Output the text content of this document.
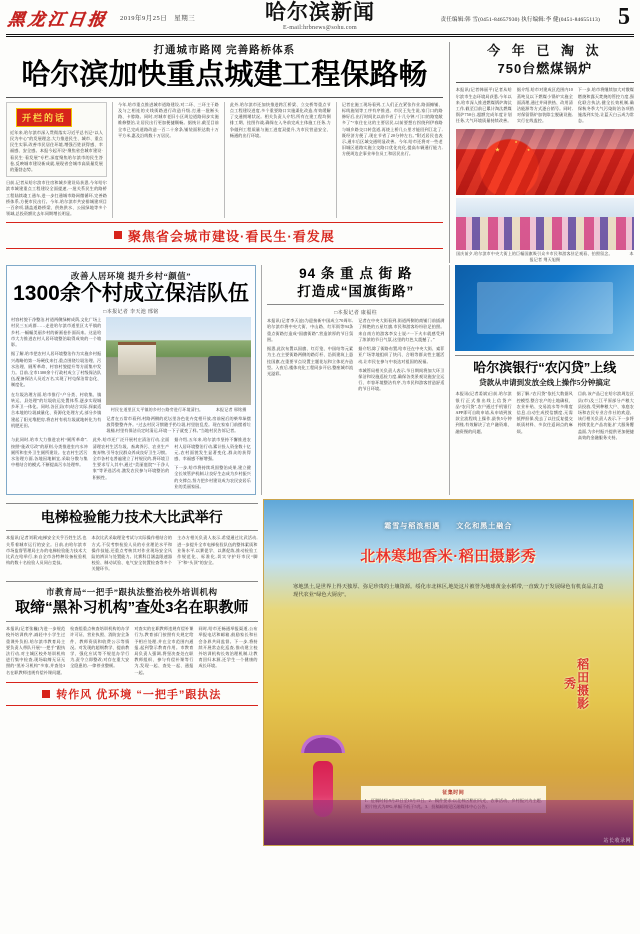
黑龙江日报 2019年9月25日　星期三	哈尔滨新闻
E-mail:hrbnews@sohu.com
责任编辑:韩 雪(0451-84657930) 执行编辑:李 健(0451-84655113) 5
打通城市路网 完善路桥体系
哈尔滨加快重点城建工程保路畅
开栏的话
近年来,哈尔滨市深入贯彻落实习近平总书记“以人民为中心”的发展理念,大力推进民生、城市、重点民生实事,改善市民居住环境,增强百姓获得感、幸福感、安全感。本报今起开设“聚焦省会城市建设·看民生·看发展”专栏,深度聚焦哈尔滨市的民生答卷,反映城市建设新成就,展现省会城市高质量发展的蓬勃态势。
日前,记者从哈尔滨市住房和城乡建设局获悉,今年哈尔滨市城建重点工程建设全面提速,一批关系民生的路桥工程陆续竣工通车,进一步打通城市路网微循环,完善路桥体系,方便市民出行。今年,哈尔滨市共安排城建项目一百余项,涵盖道路桥梁、供热供水、公园绿地等多个领域,总投资额比去年同期增长明显。
今年,哈市重点推进城市道路建设,对二环、三环主干路及与之相连的支线街路进行改造升级,打通一批断头路、卡脖路。同时,对城市老旧小区周边道路同步实施维修整治,让居民出行更加便捷顺畅。据统计,截至目前全市已完成道路改造一百二十余条,铺装面积达数十万平方米,惠及沿线数十万居民。
此外,哈尔滨市还加快推进跨江桥梁、立交桥等重点节点工程建设进度,多个重要路口实施渠化改造,有效缓解了交通拥堵状况。相关负责人介绍,所有在建工程均倒排工期、挂图作战,确保在入冬前完成主体施工任务,力争做到工程质量与施工进度双提升,为市民营造安全、畅通的出行环境。
记者在施工现场看到,工人们正在紧张作业,路面摊铺、标线施划等工序有序推进。市民王先生说,家门口的路修好后,出行时间比以前节省了十几分钟,“门口的路宽敞多了”“家住在这的主要居民,以前要想右拐绕到伊春路与城乡路交口转盘道,再绕上桥几公里才能回到江北了,既经济方便了,现在节省了20分钟左右。”附近居民也表示,通车后区域交通明显改善。今年,哈市还将对一些老旧城区道路实施立交路口优化亮化,提高车辆通行能力,方便周边企事业单位员工和居民出行。
聚焦省会城市建设·看民生·看发展
今 年 已 淘 汰
750台燃煤锅炉
本报讯(记者韩丽平)记者从哈尔滨市生态环境局获悉,今年以来,哈市深入推进燃煤锅炉淘汰工作,截至目前已累计淘汰燃煤锅炉750台,超额完成年度计划任务,大气环境质量持续改善。
据介绍,哈市对建成区范围内10蒸吨及以下燃煤小锅炉实施全面清理,通过并网供热、改用清洁能源等方式逐台销号。同时,对保留锅炉加装除尘脱硫设施,实行在线监控。
下一步,哈市将继续加大对散煤燃烧和露天焚烧的管控力度,强化联合执法,健全长效机制,确保秋冬季大气污染防治各项措施落到实处,让蓝天白云成为常态。
国庆前夕,哈尔滨市中央大街上的巨幅国旗吸引众多市民和游客驻足观看、拍照留念。　　　　本报记者 荆天旭摄
改善人居环境 提升乡村“颜值”
1300余个村成立保洁队伍
□本报记者 李天池 邢铭
村容村貌干净整洁,村道两侧绿树成荫,文化广场上村民三五成群……走进哈尔滨市道里区太平镇的乡村,一幅幅美丽乡村的新画卷扑面而来。这是哈市大力推进农村人居环境整治取得成效的一个缩影。
据了解,哈市把农村人居环境整治作为实施乡村振兴战略的第一场硬仗来打,重点围绕垃圾治理、污水治理、厕所革命、村容村貌提升等方面集中发力。目前,全市1300余个行政村成立了村级保洁队伍,配备保洁人员近万名,实现了村屯保洁常态化、制度化。
在垃圾治理方面,哈市推行“户分类、村收集、镇转运、县处理”的垃圾收运处置体系,逐步实现城乡环卫一体化。同时,各区县(市)结合实际,探索适合本地的垃圾减量化、资源化处理方式,部分乡镇建起了阳光堆肥房,将农村有机垃圾就地转化为有机肥还田。
村民在道里区太平镇的乡村公路旁进行环境清扫。　　　本报记者 邢铭摄
记者在五常市看到,村路两侧的花坛里各色花卉竞相开放,房前屋后的柴草垛摆放得整整齐齐。“过去村民习惯随手扔垃圾,村里脏乱差。现在家家门前摆着垃圾桶,村里有保洁员定时清运,环境一下子就变了样。”当地村民告诉记者。
与此同时,哈市大力推进农村“厕所革命”,按照“能改尽改”的原则,分类推进室内水冲厕所和室外卫生厕所建设。在农村生活污水治理方面,各地因地制宜,采取分散与集中相结合的模式,不断提高污水处理率。
此外,哈市还广泛开展村庄清洁行动,全面清理农村生活垃圾、畜禽粪污、农业生产废弃物,引导农民群众养成良好卫生习惯。全市各村屯普遍建立了村规民约,将环境卫生要求写入其中,通过“美丽庭院”“干净人家”等评选活动,激发农民参与环境整治的积极性。
据介绍,五年来,哈尔滨市坚持不懈推进农村人居环境整治行动,累计投入资金数十亿元,农村面貌发生显著变化,群众的获得感、幸福感不断增强。
下一步,哈市将持续巩固整治成果,建立健全长效管护机制,让良好生态成为乡村振兴的支撑点,努力把乡村建设成为农民安居乐业的美丽家园。
94 条 重 点 街 路
打造成“国旗街路”
□本报记者 康福柱
本报讯(记者李天池)为迎接新中国成立70周年,哈尔滨市将中央大街、中山路、红军街等94条重点街路打造成“国旗街路”,营造浓厚的节日氛围。
据悉,此次布置以国旗、红灯笼、中国结等元素为主,在主要街路两侧的路灯杆、沿街建筑上悬挂国旗,在重要节点设置主题花坛和立体花卉造型。入夜后,楼体亮化工程同步开启,整座城市流光溢彩。
记者在中央大街看到,街道两侧的商铺门前插满了鲜艳的五星红旗,市民和游客纷纷驻足拍照。来自南方的游客李女士说:“一下火车就感受到了浓浓的节日气氛,这里的红色太震撼了。”
据介绍,除了街路布置,哈市还在中央大街、索菲亚广场等地组织了快闪、合唱等群众性主题活动,让市民在参与中表达对祖国的祝福。
市城管局相关负责人表示,节日期间将加大环卫保洁和设施巡检力度,确保各类景观设施安全运行、市容环境整洁有序,为市民和游客营造舒适的节日环境。
哈尔滨银行“农闪贷”上线
贷款从申请到发放全线上操作5分钟搞定
本报讯(记者姜斌)日前,哈尔滨银行正式推出线上信贷产品“农闪贷”,农户通过手机银行APP即可自助申请,从申请到放款全流程线上操作,最快5分钟到账,有效解决了农户融资难、融资慢的问题。
据了解,“农闪贷”依托大数据风控模型,整合农户的土地确权、农业补贴、交易流水等多维度信息,自动生成授信额度,无需抵押担保,免去了以往反复提交纸质材料、多次往返网点的麻烦。
目前,该产品已在哈尔滨周边区县(市)及三江平原部分产粮大县投放,受到种粮大户、家庭农场和农民专业合作社的欢迎。该行相关负责人表示,下一步将持续优化产品功能,扩大服务覆盖面,为乡村振兴提供更加便捷高效的金融服务支持。
电梯检验能力技术大比武举行
本报讯(记者刘莉)电梯安全关乎百姓生活,也关系着城市运行的安全。日前,由哈尔滨市市场监督管理局主办的电梯检验能力技术大比武在哈举行,来自全市各特种设备检验机构的数十名检验人员同台竞技。
本次比武采取理论考试与实际操作相结合的方式,不仅考察检验人员的专业理论水平和操作技能,还重点考核其对作业现场安全风险的辨识与处置能力。比赛科目涵盖限速器校验、制动试验、电气安全装置检查等多个关键环节。
主办方相关负责人表示,希望通过比武活动,进一步提升全市电梯检验队伍的整体素质和业务水平,以赛促学、以赛促练,推动检验工作规范化、标准化,切实守护好市民“脚下”和“头顶”的安全。
市教育局“一把手”跟执法整治校外培训机构
取缔“黑补习机构”查处3名在职教师
本报讯(记者张巍)为进一步规范校外培训秩序,减轻中小学生过重课外负担,哈尔滨市教育局主要负责人带队开展“一把手”跟执法行动,对主城区校外培训机构进行集中检查,现场取缔无证无照的“黑补习机构”多家,并查处3名在职教师违规有偿补课问题。
检查组重点核查培训机构的办学许可证、营业执照、消防安全条件、教师资质和收费公示等情况。对发现的超纲教学、提前教学、强化应试等不规范办学行为,责令立即整改;对存在重大安全隐患的,一律停业整顿。
对查实的在职教师违规有偿补课行为,教育部门按照有关规定给予相应处理,并在全市范围内通报,起到警示教育作用。市教育局负责人强调,将坚决查处在职教师组织、参与有偿补课等行为,发现一起、查处一起、通报一起。
同时,哈市还畅通举报渠道,公布举报电话和邮箱,鼓励家长和社会各界共同监督。下一步,将持续开展常态化巡查,推动建立校外培训机构长效治理机制,让教育回归本源,还学生一个健康的成长环境。
转作风 优环境 “一把手”跟执法
霜雪与稻浪相遇　　文化和黑土融合
北林寒地香米·稻田摄影秀
寒地黑土,是世界上得天独厚、弥足珍贵的土壤资源。绥化市北林区,地处这片被誉为地球黄金水稻带,一直致力于发展绿色有机食品,打造现代农业“绿色大厨房”。
稻田摄影秀
征集时间

站长收录网
